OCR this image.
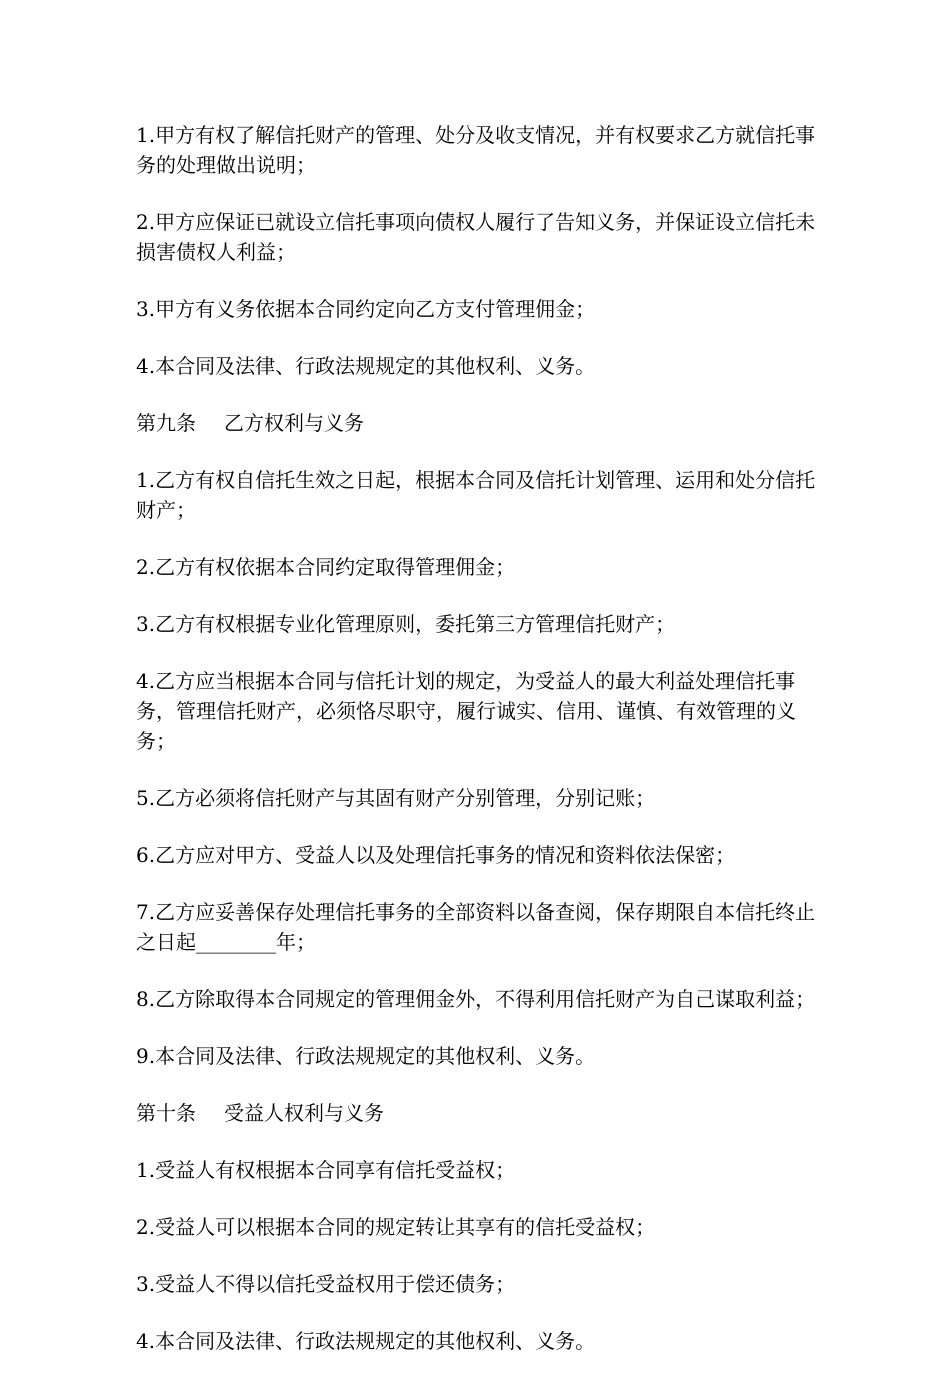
1.甲方有权了解信托财产的管理、处分及收支情况，并有权要求乙方就信托事务的处理做出说明；

2.甲方应保证已就设立信托事项向债权人履行了告知义务，并保证设立信托未损害债权人利益；

3.甲方有义务依据本合同约定向乙方支付管理佣金；

4.本合同及法律、行政法规规定的其他权利、义务。

第九条 乙方权利与义务

1.乙方有权自信托生效之日起，根据本合同及信托计划管理、运用和处分信托财产；

2.乙方有权依据本合同约定取得管理佣金；

3.乙方有权根据专业化管理原则，委托第三方管理信托财产；

4.乙方应当根据本合同与信托计划的规定，为受益人的最大利益处理信托事务，管理信托财产，必须恪尽职守，履行诚实、信用、谨慎、有效管理的义务；

5.乙方必须将信托财产与其固有财产分别管理，分别记账；

6.乙方应对甲方、受益人以及处理信托事务的情况和资料依法保密；

7.乙方应妥善保存处理信托事务的全部资料以备查阅，保存期限自本信托终止之日起________年；

8.乙方除取得本合同规定的管理佣金外，不得利用信托财产为自己谋取利益；

9.本合同及法律、行政法规规定的其他权利、义务。

第十条 受益人权利与义务

1.受益人有权根据本合同享有信托受益权；

2.受益人可以根据本合同的规定转让其享有的信托受益权；

3.受益人不得以信托受益权用于偿还债务；

4.本合同及法律、行政法规规定的其他权利、义务。
